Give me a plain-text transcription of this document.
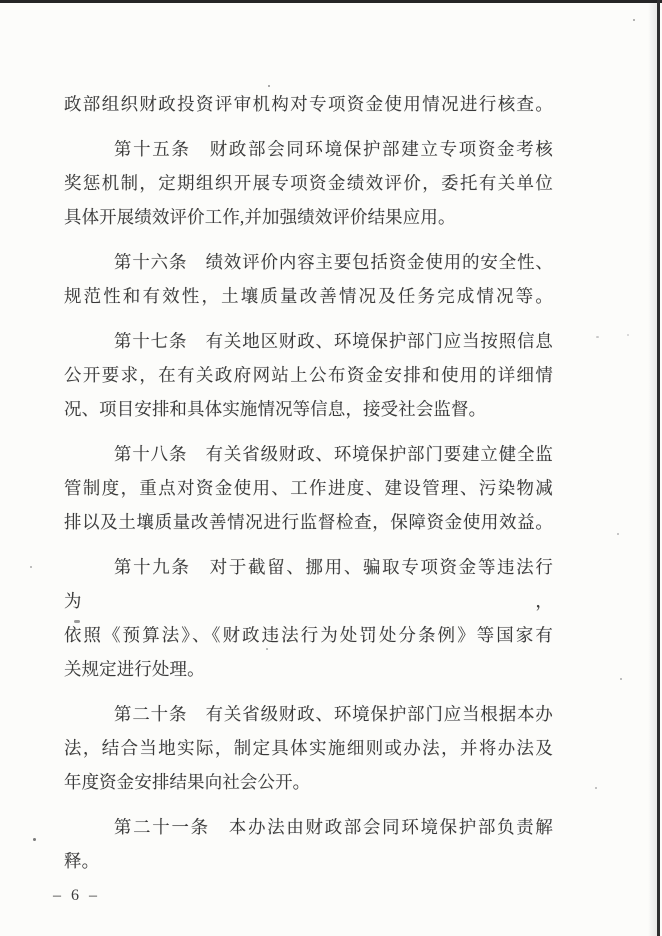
政部组织财政投资评审机构对专项资金使用情况进行核查。

第十五条　财政部会同环境保护部建立专项资金考核
奖惩机制，定期组织开展专项资金绩效评价，委托有关单位
具体开展绩效评价工作,并加强绩效评价结果应用。

第十六条　绩效评价内容主要包括资金使用的安全性、
规范性和有效性，土壤质量改善情况及任务完成情况等。

第十七条　有关地区财政、环境保护部门应当按照信息
公开要求，在有关政府网站上公布资金安排和使用的详细情
况、项目安排和具体实施情况等信息，接受社会监督。

第十八条　有关省级财政、环境保护部门要建立健全监
管制度，重点对资金使用、工作进度、建设管理、污染物减
排以及土壤质量改善情况进行监督检查，保障资金使用效益。

第十九条　对于截留、挪用、骗取专项资金等违法行为，
依照《预算法》、《财政违法行为处罚处分条例》等国家有
关规定进行处理。

第二十条　有关省级财政、环境保护部门应当根据本办
法，结合当地实际，制定具体实施细则或办法，并将办法及
年度资金安排结果向社会公开。

第二十一条　本办法由财政部会同环境保护部负责解
释。

– 6 –
